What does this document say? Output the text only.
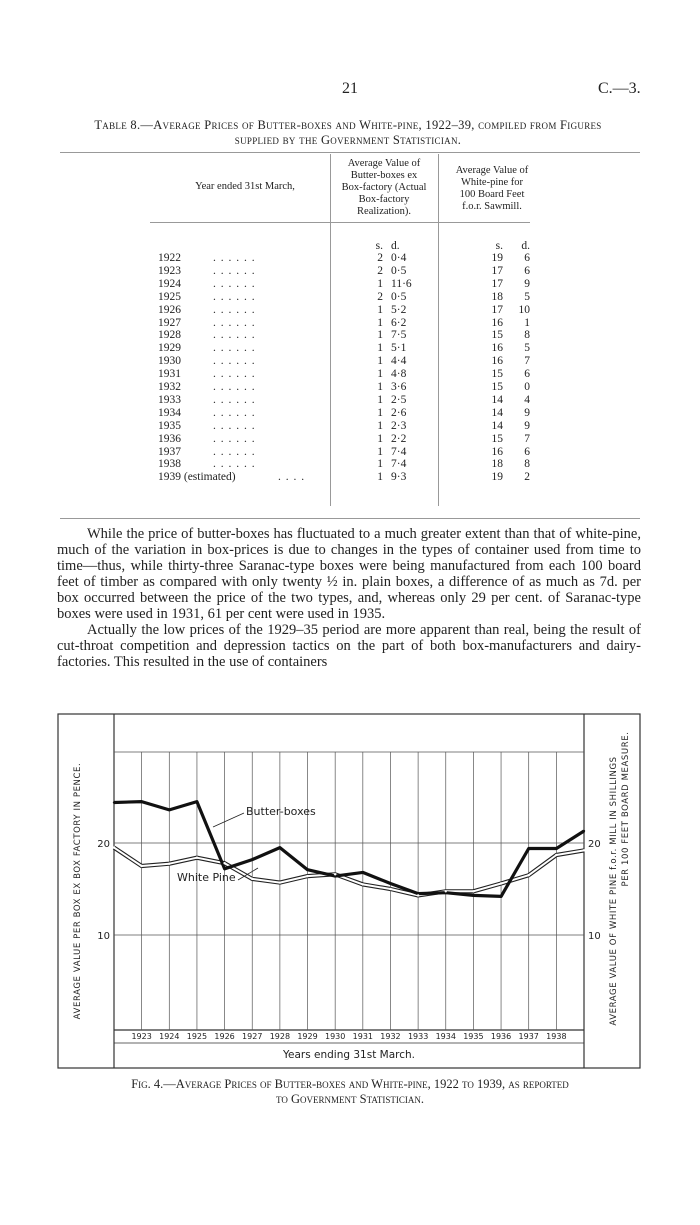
21	C.—3.
Table 8.—Average Prices of Butter-boxes and White-pine, 1922–39, compiled from Figures
supplied by the Government Statistician.
Year ended 31st March,
Average Value of
Butter-boxes ex
Box-factory (Actual
Box-factory
Realization).
Average Value of
White-pine for
100 Board Feet
f.o.r. Sawmill.
s. d.	s.	d.
1922	. . . . . .	2 0·4	19	6
1923	. . . . . .	2 0·5	17	6
1924	. . . . . .	1 11·6	17	9
1925	. . . . . .	2 0·5	18	5
1926	. . . . . .	1 5·2	17	10
1927	. . . . . .	1 6·2	16	1
1928	. . . . . .	1 7·5	15	8
1929	. . . . . .	1 5·1	16	5
1930	. . . . . .	1 4·4	16	7
1931	. . . . . .	1 4·8	15	6
1932	. . . . . .	1 3·6	15	0
1933	. . . . . .	1 2·5	14	4
1934	. . . . . .	1 2·6	14	9
1935	. . . . . .	1 2·3	14	9
1936	. . . . . .	1 2·2	15	7
1937	. . . . . .	1 7·4	16	6
1938	. . . . . .	1 7·4	18	8
1939 (estimated)	. . . .	1 9·3	19	2

While the price of butter-boxes has fluctuated to a much greater extent than that of white-pine, much of the variation in box-prices is due to changes in the types of container used from time to time—thus, while thirty-three Saranac-type boxes were being manufactured from each 100 board feet of timber as compared with only twenty ½ in. plain boxes, a difference of as much as 7d. per box occurred between the price of the two types, and, whereas only 29 per cent. of Saranac-type boxes were used in 1931, 61 per cent were used in 1935.

Actually the low prices of the 1929–35 period are more apparent than real, being the result of cut-throat competition and depression tactics on the part of both box-manufacturers and dairy-factories. This resulted in the use of containers

1923 1924 1925 1926 1927 1928 1929 1930 1931 1932 1933 1934 1935 1936 1937 1938
20
10
20
10
Butter-boxes
White Pine
Years ending 31st March.
AVERAGE VALUE PER BOX EX BOX FACTORY IN PENCE.	AVERAGE VALUE OF WHITE PINE f.o.r. MILL IN SHILLINGS PER 100 FEET BOARD MEASURE.
Fig. 4.—Average Prices of Butter-boxes and White-pine, 1922 to 1939, as reported
to Government Statistician.
